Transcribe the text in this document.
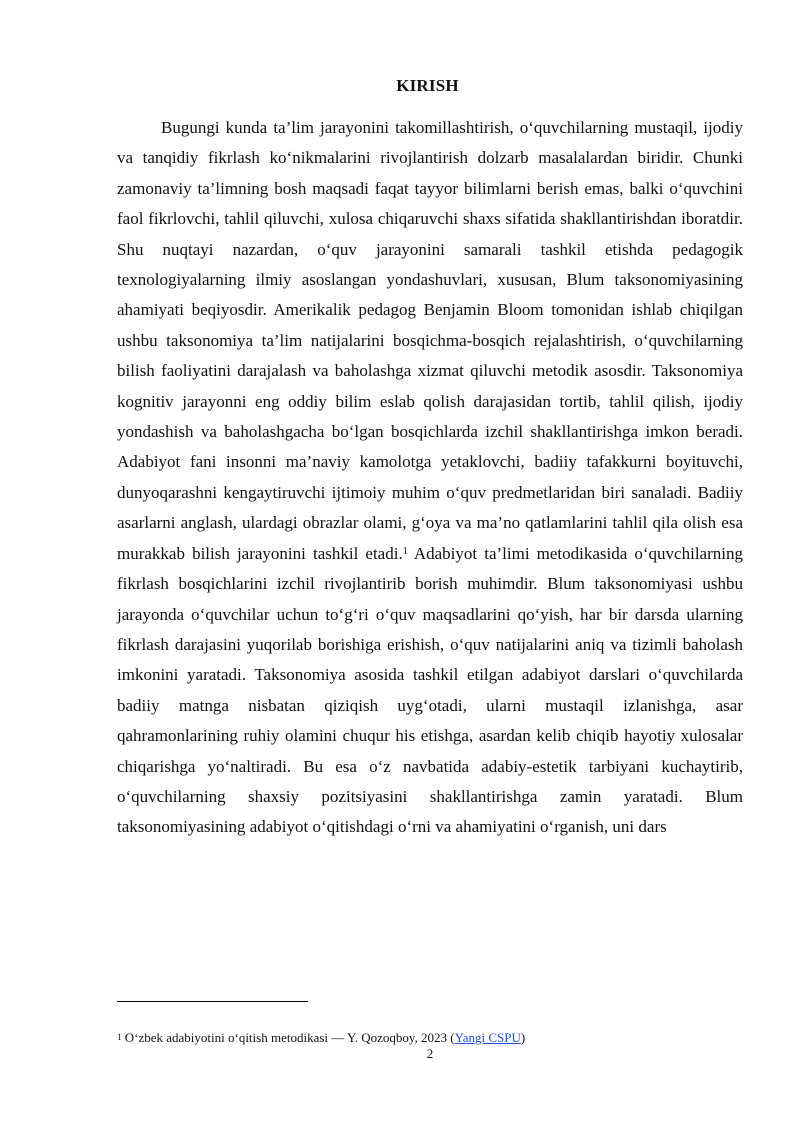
KIRISH

Bugungi kunda ta’lim jarayonini takomillashtirish, o‘quvchilarning mustaqil, ijodiy va tanqidiy fikrlash ko‘nikmalarini rivojlantirish dolzarb masalalardan biridir. Chunki zamonaviy ta’limning bosh maqsadi faqat tayyor bilimlarni berish emas, balki o‘quvchini faol fikrlovchi, tahlil qiluvchi, xulosa chiqaruvchi shaxs sifatida shakllantirishdan iboratdir. Shu nuqtayi nazardan, o‘quv jarayonini samarali tashkil etishda pedagogik texnologiyalarning ilmiy asoslangan yondashuvlari, xususan, Blum taksonomiyasining ahamiyati beqiyosdir. Amerikalik pedagog Benjamin Bloom tomonidan ishlab chiqilgan ushbu taksonomiya ta’lim natijalarini bosqichma-bosqich rejalashtirish, o‘quvchilarning bilish faoliyatini darajalash va baholashga xizmat qiluvchi metodik asosdir. Taksonomiya kognitiv jarayonni eng oddiy bilim eslab qolish darajasidan tortib, tahlil qilish, ijodiy yondashish va baholashgacha bo‘lgan bosqichlarda izchil shakllantirishga imkon beradi. Adabiyot fani insonni ma’naviy kamolotga yetaklovchi, badiiy tafakkurni boyituvchi, dunyoqarashni kengaytiruvchi ijtimoiy muhim o‘quv predmetlaridan biri sanaladi. Badiiy asarlarni anglash, ulardagi obrazlar olami, g‘oya va ma’no qatlamlarini tahlil qila olish esa murakkab bilish jarayonini tashkil etadi.$^1$ Adabiyot ta’limi metodikasida o‘quvchilarning fikrlash bosqichlarini izchil rivojlantirib borish muhimdir. Blum taksonomiyasi ushbu jarayonda o‘quvchilar uchun to‘g‘ri o‘quv maqsadlarini qo‘yish, har bir darsda ularning fikrlash darajasini yuqorilab borishiga erishish, o‘quv natijalarini aniq va tizimli baholash imkonini yaratadi. Taksonomiya asosida tashkil etilgan adabiyot darslari o‘quvchilarda badiiy matnga nisbatan qiziqish uyg‘otadi, ularni mustaqil izlanishga, asar qahramonlarining ruhiy olamini chuqur his etishga, asardan kelib chiqib hayotiy xulosalar chiqarishga yo‘naltiradi. Bu esa o‘z navbatida adabiy-estetik tarbiyani kuchaytirib, o‘quvchilarning shaxsiy pozitsiyasini shakllantirishga zamin yaratadi. Blum taksonomiyasining adabiyot o‘qitishdagi o‘rni va ahamiyatini o‘rganish, uni dars

$^1$ O‘zbek adabiyotini o‘qitish metodikasi — Y. Qozoqboy, 2023 (Yangi CSPU)
2
